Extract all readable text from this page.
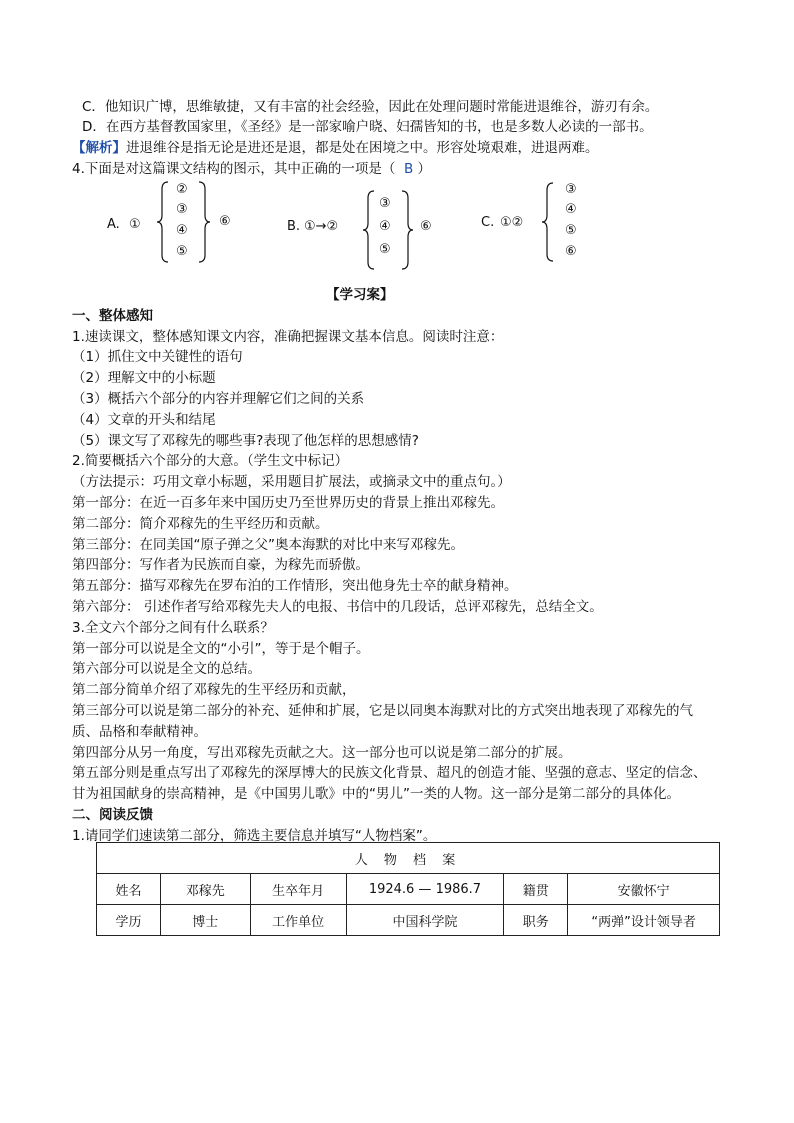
C．他知识广博，思维敏捷，又有丰富的社会经验，因此在处理问题时常能进退维谷，游刃有余。
D．在西方基督教国家里，《圣经》是一部家喻户晓、妇孺皆知的书，也是多数人必读的一部书。
【解析】进退维谷是指无论是进还是退，都是处在困境之中。形容处境艰难，进退两难。
4.下面是对这篇课文结构的图示，其中正确的一项是（ B ）
A. ①
②
③
④
⑤
⑥	B. ①→②
③
④
⑤
⑥	C. ①②
③
④
⑤
⑥
【学习案】
一、整体感知
1.速读课文，整体感知课文内容，准确把握课文基本信息。阅读时注意：
（1）抓住文中关键性的语句
（2）理解文中的小标题
（3）概括六个部分的内容并理解它们之间的关系
（4）文章的开头和结尾
（5）课文写了邓稼先的哪些事?表现了他怎样的思想感情?
2.简要概括六个部分的大意。（学生文中标记）
（方法提示：巧用文章小标题，采用题目扩展法，或摘录文中的重点句。）
第一部分：在近一百多年来中国历史乃至世界历史的背景上推出邓稼先。
第二部分：简介邓稼先的生平经历和贡献。
第三部分：在同美国“原子弹之父”奥本海默的对比中来写邓稼先。
第四部分：写作者为民族而自豪，为稼先而骄傲。
第五部分：描写邓稼先在罗布泊的工作情形，突出他身先士卒的献身精神。
第六部分： 引述作者写给邓稼先夫人的电报、书信中的几段话，总评邓稼先，总结全文。
3.全文六个部分之间有什么联系？
第一部分可以说是全文的“小引”，等于是个帽子。
第六部分可以说是全文的总结。
第二部分简单介绍了邓稼先的生平经历和贡献，
第三部分可以说是第二部分的补充、延伸和扩展，它是以同奥本海默对比的方式突出地表现了邓稼先的气
质、品格和奉献精神。
第四部分从另一角度，写出邓稼先贡献之大。这一部分也可以说是第二部分的扩展。
第五部分则是重点写出了邓稼先的深厚博大的民族文化背景、超凡的创造才能、坚强的意志、坚定的信念、
甘为祖国献身的崇高精神，是《中国男儿歌》中的“男儿”一类的人物。这一部分是第二部分的具体化。
二、阅读反馈
1.请同学们速读第二部分，筛选主要信息并填写“人物档案”。
人 物 档 案					
姓名	邓稼先	生卒年月	1924.6 — 1986.7	籍贯	安徽怀宁
学历	博士	工作单位	中国科学院	职务	“两弹”设计领导者
